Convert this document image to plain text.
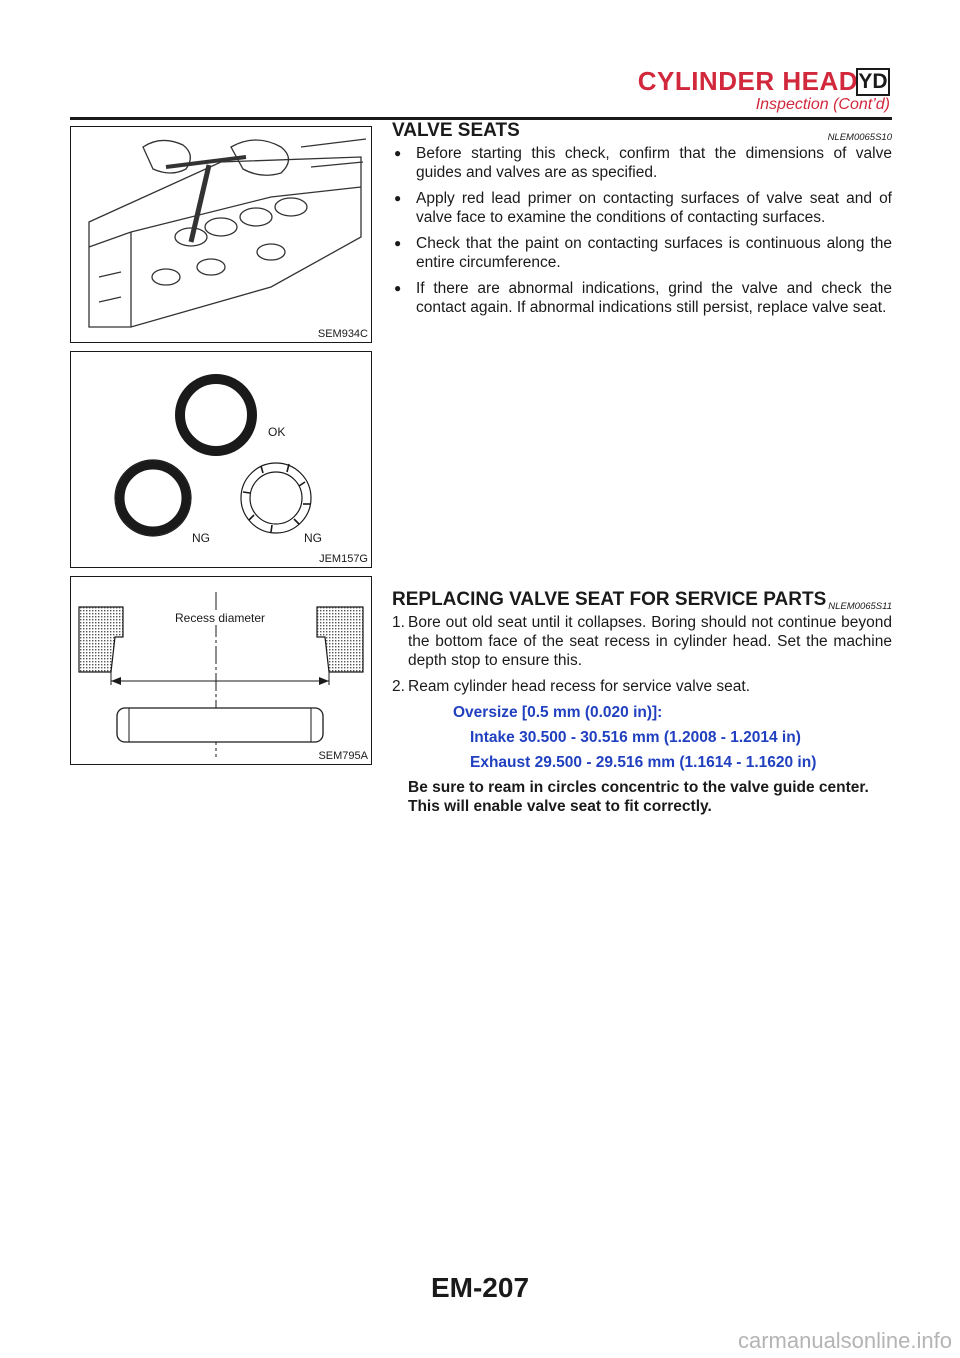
CYLINDER HEAD YD
Inspection (Cont’d)
SEM934C
OK
NG	NG
JEM157G
Recess diameter
SEM795A
VALVE SEATS	NLEM0065S10
● Before starting this check, confirm that the dimensions of valve guides and valves are as specified.
● Apply red lead primer on contacting surfaces of valve seat and of valve face to examine the conditions of contacting surfaces.
● Check that the paint on contacting surfaces is continuous along the entire circumference.
● If there are abnormal indications, grind the valve and check the contact again. If abnormal indications still persist, replace valve seat.
REPLACING VALVE SEAT FOR SERVICE PARTS NLEM0065S11
1. Bore out old seat until it collapses. Boring should not continue beyond the bottom face of the seat recess in cylinder head. Set the machine depth stop to ensure this.
2. Ream cylinder head recess for service valve seat.
Oversize [0.5 mm (0.020 in)]:
Intake 30.500 - 30.516 mm (1.2008 - 1.2014 in)
Exhaust 29.500 - 29.516 mm (1.1614 - 1.1620 in)
Be sure to ream in circles concentric to the valve guide center.
This will enable valve seat to fit correctly.
EM-207
carmanualsonline.info
